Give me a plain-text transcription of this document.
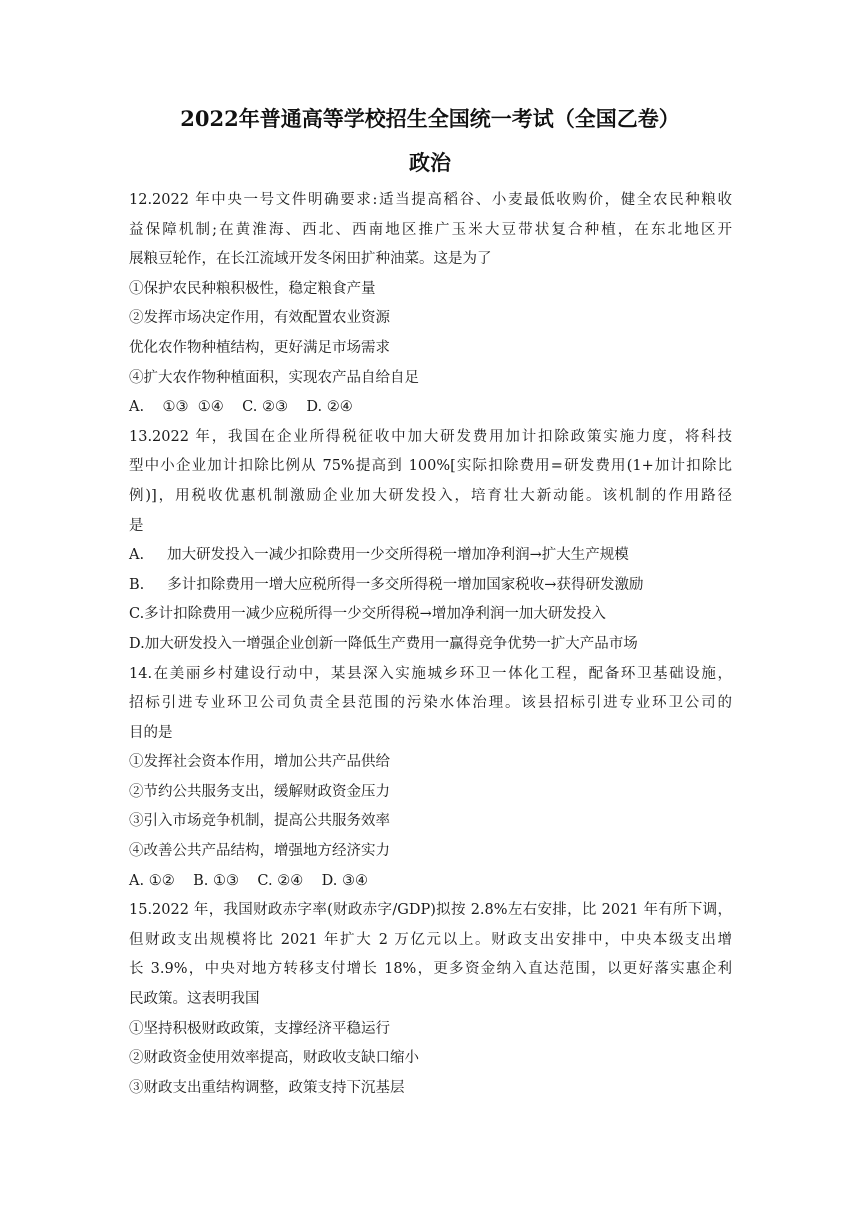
2022年普通高等学校招生全国统一考试（全国乙卷）
政治
12.2022 年中央一号文件明确要求:适当提高稻谷、小麦最低收购价，健全农民种粮收
益保障机制;在黄淮海、西北、西南地区推广玉米大豆带状复合种植，在东北地区开
展粮豆轮作，在长江流域开发冬闲田扩种油菜。这是为了
①保护农民种粮积极性，稳定粮食产量
②发挥市场决定作用，有效配置农业资源
优化农作物种植结构，更好满足市场需求
④扩大农作物种植面积，实现农产品自给自足
A.    ①③  ①④    C. ②③    D. ②④
13.2022 年，我国在企业所得税征收中加大研发费用加计扣除政策实施力度，将科技
型中小企业加计扣除比例从 75%提高到 100%[实际扣除费用=研发费用(1+加计扣除比
例)]，用税收优惠机制激励企业加大研发投入，培育壮大新动能。该机制的作用路径
是
A.     加大研发投入一减少扣除费用一少交所得税一增加净利润→扩大生产规模
B.     多计扣除费用一增大应税所得一多交所得税一增加国家税收→获得研发激励
C.多计扣除费用一减少应税所得一少交所得税→增加净利润一加大研发投入
D.加大研发投入一增强企业创新一降低生产费用一赢得竞争优势一扩大产品市场
14.在美丽乡村建设行动中，某县深入实施城乡环卫一体化工程，配备环卫基础设施，
招标引进专业环卫公司负责全县范围的污染水体治理。该县招标引进专业环卫公司的
目的是
①发挥社会资本作用，增加公共产品供给
②节约公共服务支出，缓解财政资金压力
③引入市场竞争机制，提高公共服务效率
④改善公共产品结构，增强地方经济实力
A. ①②    B. ①③    C. ②④    D. ③④
15.2022 年，我国财政赤字率(财政赤字/GDP)拟按 2.8%左右安排，比 2021 年有所下调，
但财政支出规模将比 2021 年扩大 2 万亿元以上。财政支出安排中，中央本级支出增
长 3.9%，中央对地方转移支付增长 18%，更多资金纳入直达范围，以更好落实惠企利
民政策。这表明我国
①坚持积极财政政策，支撑经济平稳运行
②财政资金使用效率提高，财政收支缺口缩小
③财政支出重结构调整，政策支持下沉基层
